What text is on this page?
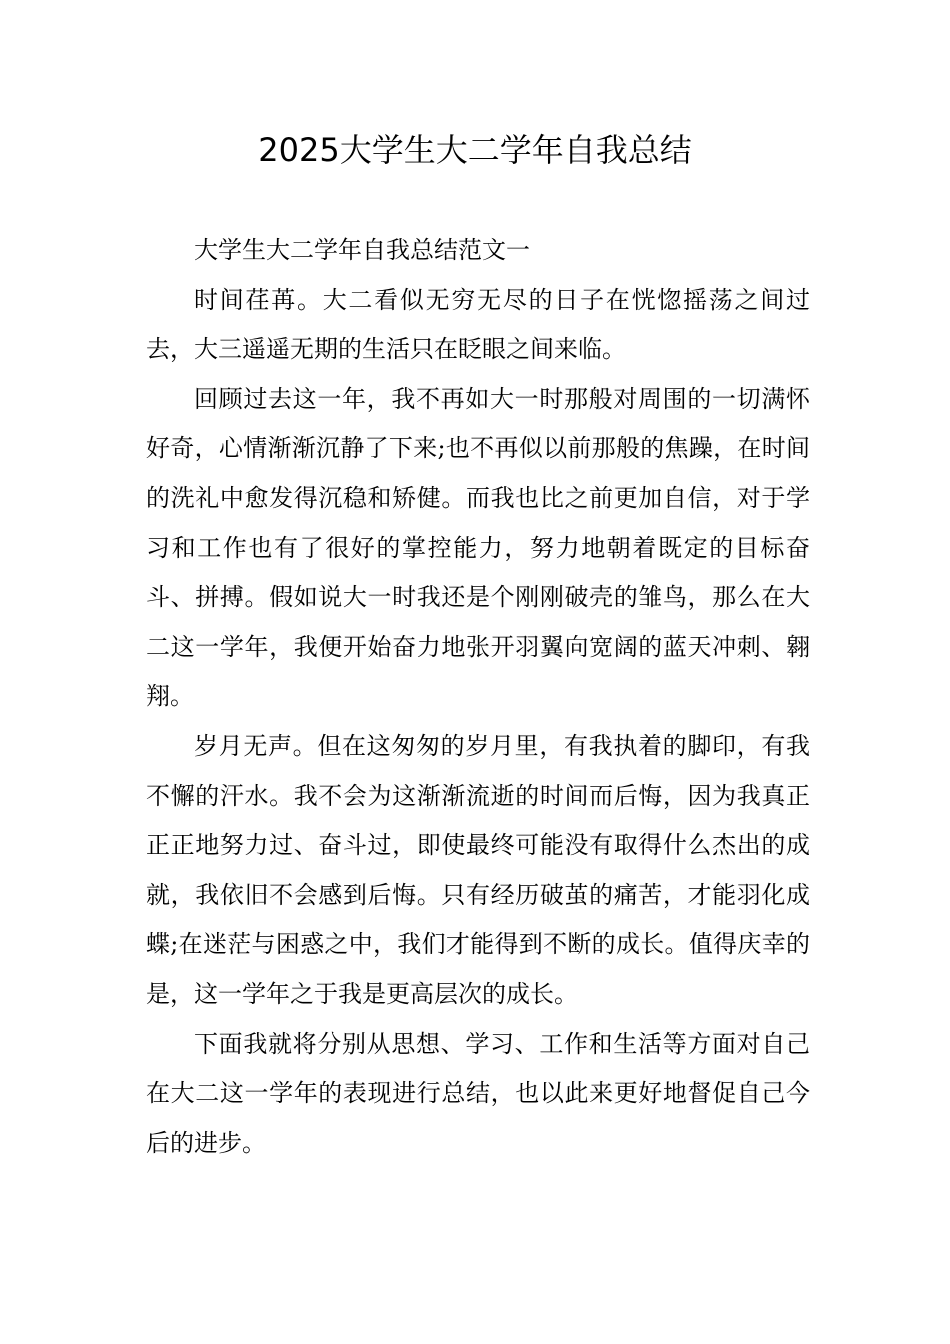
2025大学生大二学年自我总结

大学生大二学年自我总结范文一

时间荏苒。大二看似无穷无尽的日子在恍惚摇荡之间过去，大三遥遥无期的生活只在眨眼之间来临。

回顾过去这一年，我不再如大一时那般对周围的一切满怀好奇，心情渐渐沉静了下来;也不再似以前那般的焦躁，在时间的洗礼中愈发得沉稳和矫健。而我也比之前更加自信，对于学习和工作也有了很好的掌控能力，努力地朝着既定的目标奋斗、拼搏。假如说大一时我还是个刚刚破壳的雏鸟，那么在大二这一学年，我便开始奋力地张开羽翼向宽阔的蓝天冲刺、翱翔。

岁月无声。但在这匆匆的岁月里，有我执着的脚印，有我不懈的汗水。我不会为这渐渐流逝的时间而后悔，因为我真正正正地努力过、奋斗过，即使最终可能没有取得什么杰出的成就，我依旧不会感到后悔。只有经历破茧的痛苦，才能羽化成蝶;在迷茫与困惑之中，我们才能得到不断的成长。值得庆幸的是，这一学年之于我是更高层次的成长。

下面我就将分别从思想、学习、工作和生活等方面对自己在大二这一学年的表现进行总结，也以此来更好地督促自己今后的进步。
